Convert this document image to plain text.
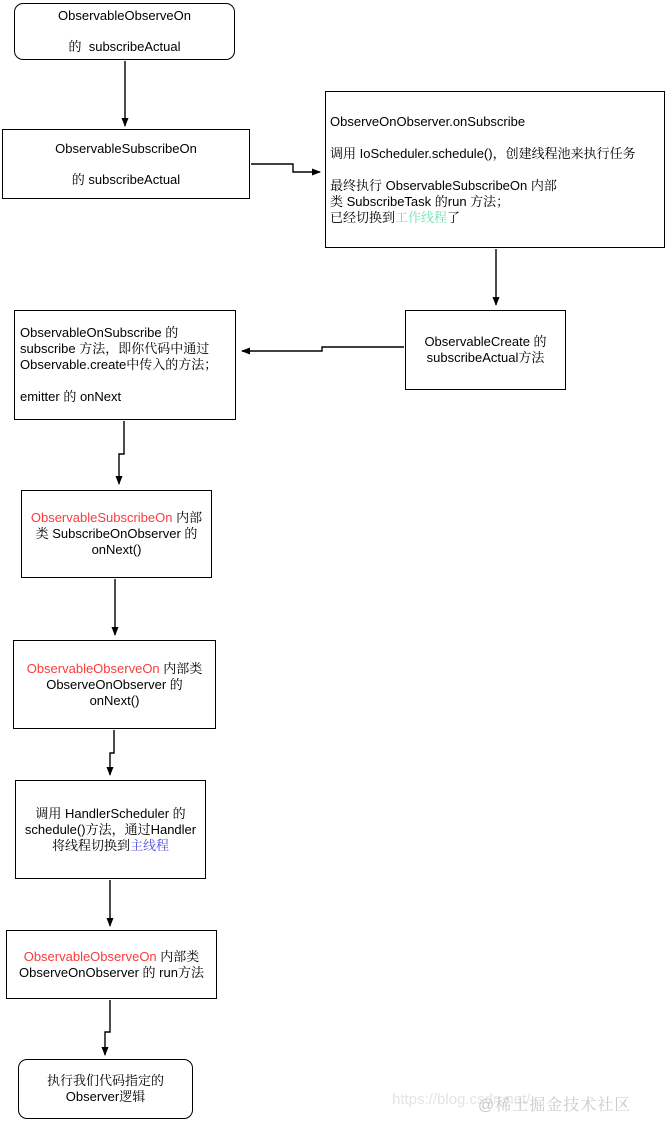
ObservableObserveOn
的  subscribeActual
ObservableSubscribeOn
的 subscribeActual
ObserveOnObserver.onSubscribe

调用 IoScheduler.schedule()，创建线程池来执行任务

最终执行 ObservableSubscribeOn 内部
类 SubscribeTask 的run 方法；
已经切换到工作线程了
ObservableCreate 的
subscribeActual方法
ObservableOnSubscribe 的
subscribe 方法，即你代码中通过
Observable.create中传入的方法；

emitter 的 onNext
ObservableSubscribeOn 内部
类 SubscribeOnObserver 的
onNext()
ObservableObserveOn 内部类
ObserveOnObserver 的
onNext()
调用 HandlerScheduler 的
schedule()方法，通过Handler
将线程切换到主线程
ObservableObserveOn 内部类
ObserveOnObserver 的 run方法
执行我们代码指定的
Observer逻辑	https://blog.csdn.net/
@稀土掘金技术社区
